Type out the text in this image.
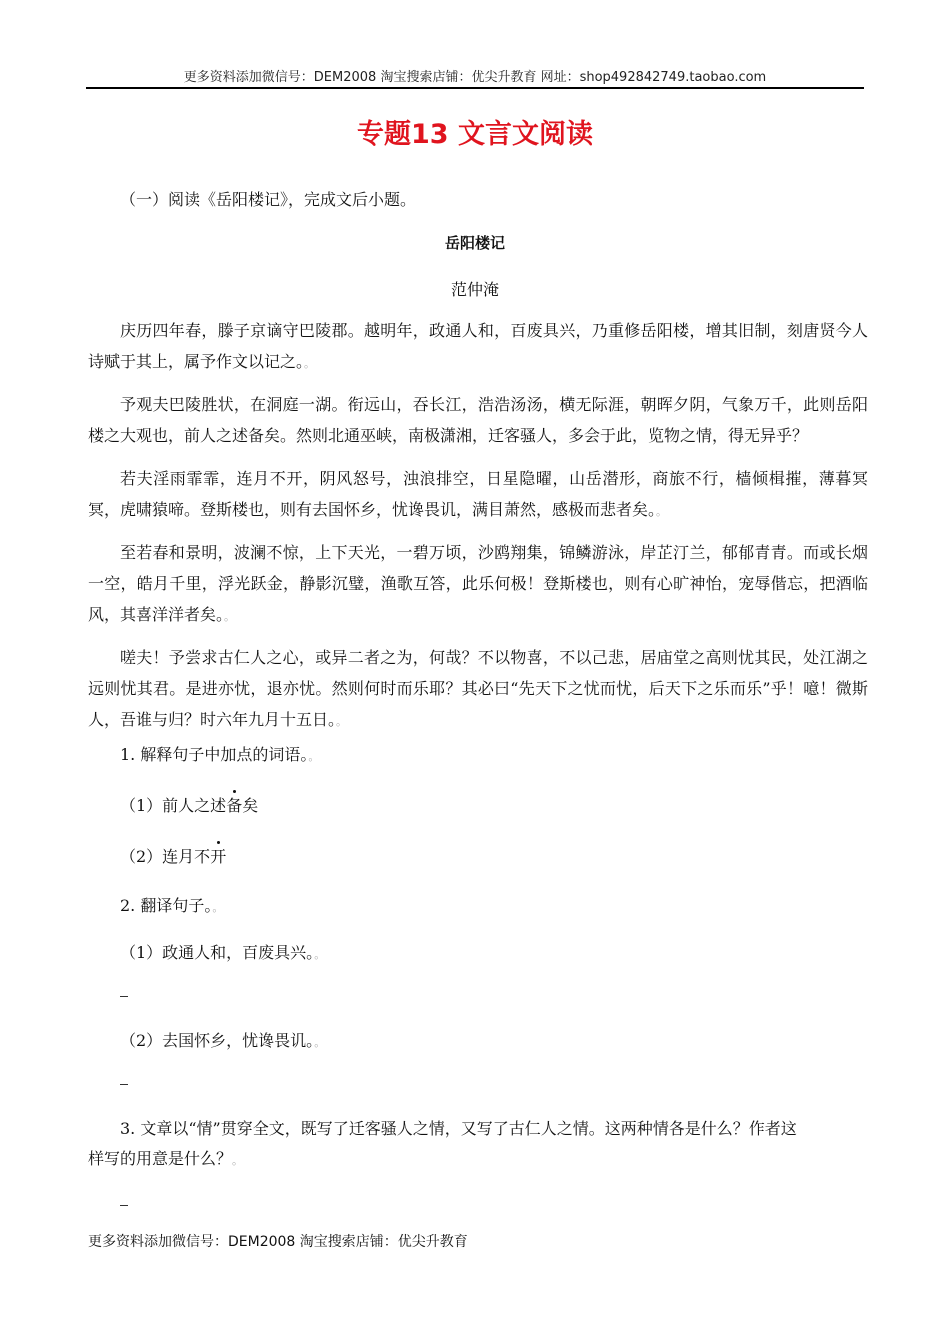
更多资料添加微信号：DEM2008 淘宝搜索店铺：优尖升教育 网址：shop492842749.taobao.com
专题13 文言文阅读
（一）阅读《岳阳楼记》，完成文后小题。
岳阳楼记
范仲淹
庆历四年春，滕子京谪守巴陵郡。越明年，政通人和，百废具兴，乃重修岳阳楼，增其旧制，刻唐贤今人诗赋于其上，属予作文以记之。。
予观夫巴陵胜状，在洞庭一湖。衔远山，吞长江，浩浩汤汤，横无际涯，朝晖夕阴，气象万千，此则岳阳楼之大观也，前人之述备矣。然则北通巫峡，南极潇湘，迁客骚人，多会于此，览物之情，得无异乎？
若夫淫雨霏霏，连月不开，阴风怒号，浊浪排空，日星隐曜，山岳潜形，商旅不行，樯倾楫摧，薄暮冥冥，虎啸猿啼。登斯楼也，则有去国怀乡，忧谗畏讥，满目萧然，感极而悲者矣。。
至若春和景明，波澜不惊，上下天光，一碧万顷，沙鸥翔集，锦鳞游泳，岸芷汀兰，郁郁青青。而或长烟一空，皓月千里，浮光跃金，静影沉璧，渔歌互答，此乐何极！登斯楼也，则有心旷神怡，宠辱偕忘，把酒临风，其喜洋洋者矣。。
嗟夫！予尝求古仁人之心，或异二者之为，何哉？不以物喜，不以己悲，居庙堂之高则忧其民，处江湖之远则忧其君。是进亦忧，退亦忧。然则何时而乐耶？其必曰“先天下之忧而忧，后天下之乐而乐”乎！噫！微斯人，吾谁与归？时六年九月十五日。。
1. 解释句子中加点的词语。。
（1）前人之述备矣
（2）连月不开
2. 翻译句子。。
（1）政通人和，百废具兴。。
（2）去国怀乡，忧谗畏讥。。
3. 文章以“情”贯穿全文，既写了迁客骚人之情，又写了古仁人之情。这两种情各是什么？作者这
样写的用意是什么？。
更多资料添加微信号：DEM2008 淘宝搜索店铺：优尖升教育
